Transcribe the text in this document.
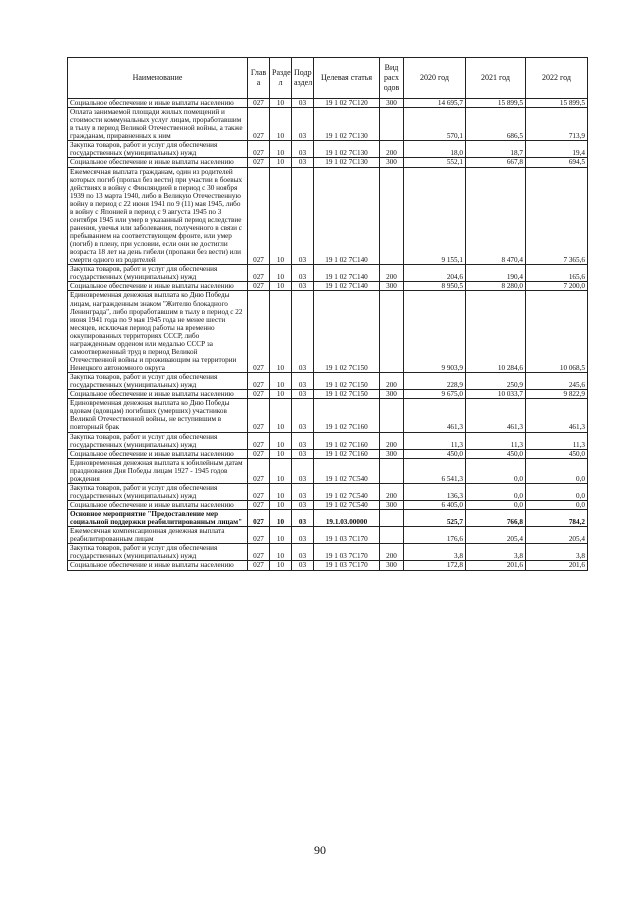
Наименование	Глав а	Разде л	Подр аздел	Целевая статья	Вид расх одов	2020 год	2021 год	2022 год
Социальное обеспечение и иные выплаты населению	027	10	03	19 1 02 7С120	300	14 695,7	15 899,5	15 899,5
Оплата занимаемой площади жилых помещений и стоимости коммунальных услуг лицам, проработавшим в тылу в период Великой Отечественной войны, а также гражданам, приравненных к ним	027	10	03	19 1 02 7С130		570,1	686,5	713,9
Закупка товаров, работ и услуг для обеспечения государственных (муниципальных) нужд	027	10	03	19 1 02 7С130	200	18,0	18,7	19,4
Социальное обеспечение и иные выплаты населению	027	10	03	19 1 02 7С130	300	552,1	667,8	694,5
Ежемесячная выплата гражданам, один из родителей которых погиб (пропал без вести) при участии в боевых действиях в войну с Финляндией в период с 30 ноября 1939 по 13 марта 1940, либо в Великую Отечественную войну в период с 22 июня 1941 по 9 (11) мая 1945, либо в войну с Японией в период с 9 августа 1945 по 3 сентября 1945 или умер в указанный период вследствие ранения, увечья или заболевания, полученного в связи с пребыванием на соответствующем фронте, или умер (погиб) в плену, при условии, если они не достигли возраста 18 лет на день гибели (пропажи без вести) или смерти одного из родителей	027	10	03	19 1 02 7С140		9 155,1	8 470,4	7 365,6
Закупка товаров, работ и услуг для обеспечения государственных (муниципальных) нужд	027	10	03	19 1 02 7С140	200	204,6	190,4	165,6
Социальное обеспечение и иные выплаты населению	027	10	03	19 1 02 7С140	300	8 950,5	8 280,0	7 200,0
Единовременная денежная выплата ко Дню Победы лицам, награжденным знаком "Жителю блокадного Ленинграда", либо проработавшим в тылу в период с 22 июня 1941 года по 9 мая 1945 года не менее шести месяцев, исключая период работы на временно оккупированных территориях СССР, либо награжденным орденом или медалью СССР за самоотверженный труд в период Великой Отечественной войны и проживающим на территории Ненецкого автономного округа	027	10	03	19 1 02 7С150		9 903,9	10 284,6	10 068,5
Закупка товаров, работ и услуг для обеспечения государственных (муниципальных) нужд	027	10	03	19 1 02 7С150	200	228,9	250,9	245,6
Социальное обеспечение и иные выплаты населению	027	10	03	19 1 02 7С150	300	9 675,0	10 033,7	9 822,9
Единовременная денежная выплата ко Дню Победы вдовам (вдовцам) погибших (умерших) участников Великой Отечественной войны, не вступившим в повторный брак	027	10	03	19 1 02 7С160		461,3	461,3	461,3
Закупка товаров, работ и услуг для обеспечения государственных (муниципальных) нужд	027	10	03	19 1 02 7С160	200	11,3	11,3	11,3
Социальное обеспечение и иные выплаты населению	027	10	03	19 1 02 7С160	300	450,0	450,0	450,0
Единовременная денежная выплата к юбилейным датам празднования Дня Победы лицам 1927 - 1945 годов рождения	027	10	03	19 1 02 7С540		6 541,3	0,0	0,0
Закупка товаров, работ и услуг для обеспечения государственных (муниципальных) нужд	027	10	03	19 1 02 7С540	200	136,3	0,0	0,0
Социальное обеспечение и иные выплаты населению	027	10	03	19 1 02 7С540	300	6 405,0	0,0	0,0
Основное мероприятие "Предоставление мер социальной поддержки реабилитированным лицам"	027	10	03	19.1.03.00000		525,7	766,8	784,2
Ежемесячная компенсационная денежная выплата реабилитированным лицам	027	10	03	19 1 03 7С170		176,6	205,4	205,4
Закупка товаров, работ и услуг для обеспечения государственных (муниципальных) нужд	027	10	03	19 1 03 7С170	200	3,8	3,8	3,8
Социальное обеспечение и иные выплаты населению	027	10	03	19 1 03 7С170	300	172,8	201,6	201,6
90
